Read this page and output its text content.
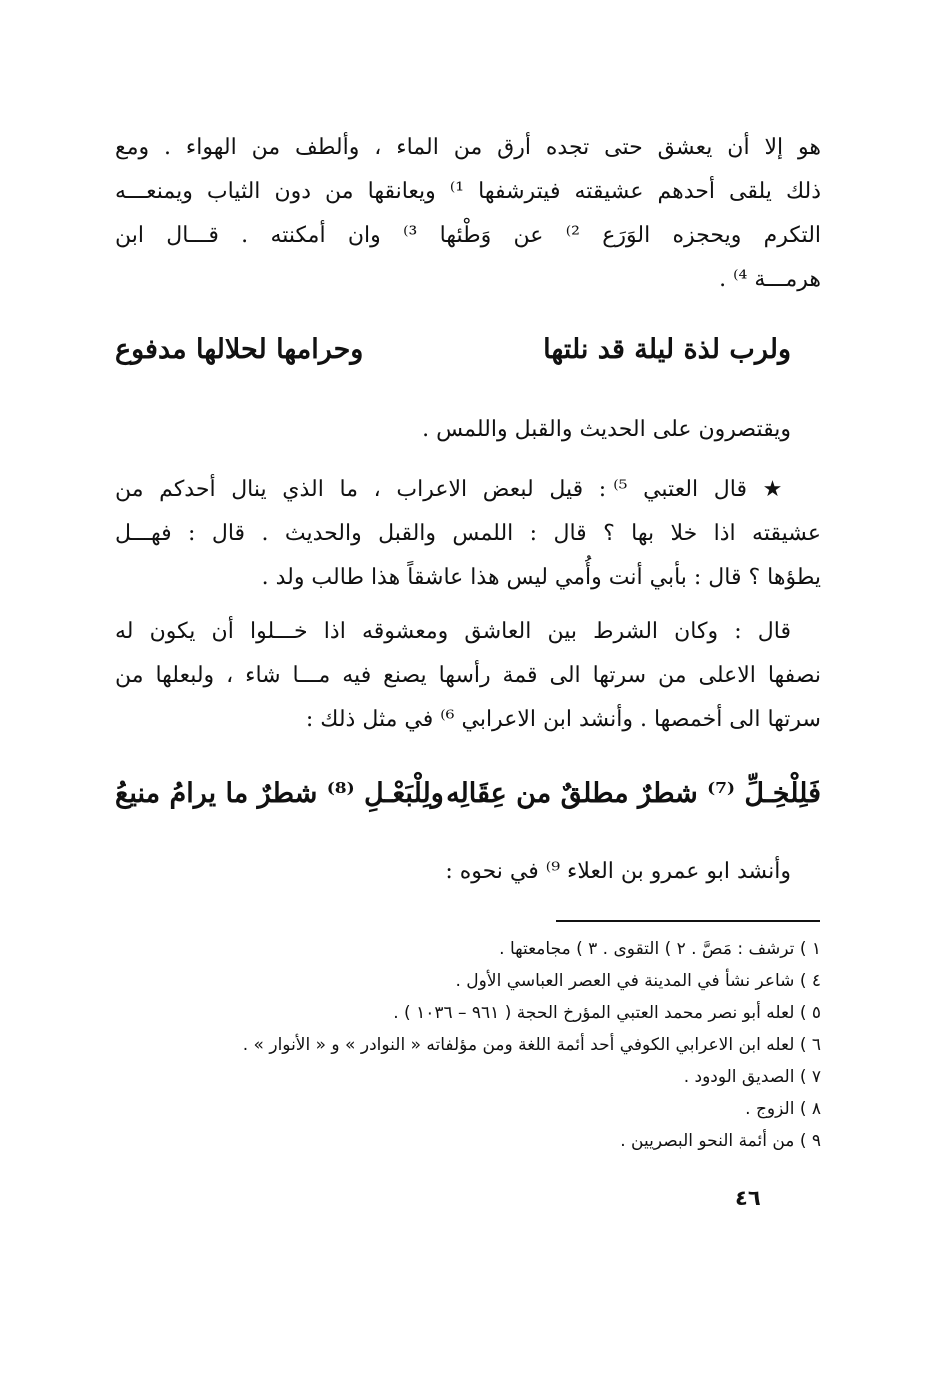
هو إلا أن يعشق حتى تجده أرق من الماء ، وألطف من الهواء . ومع
ذلك يلقى أحدهم عشيقته فيترشفها ¹⁾ ويعانقها من دون الثياب ويمنعـــه
التكرم ويحجزه الوَرَع ²⁾ عن وَطْئها ³⁾ وان أمكنته . قـــال ابن
هرمـــة ⁴⁾ .
ولرب لذة ليلة قد نلتها
وحرامها لحلالها مدفوع
ويقتصرون على الحديث والقبل واللمس .
★ قال العتبي ⁵⁾ : قيل لبعض الاعراب ، ما الذي ينال أحدكم من
عشيقته اذا خلا بها ؟ قال : اللمس والقبل والحديث . قال : فهـــل
يطؤها ؟ قال : بأبي أنت وأُمي ليس هذا عاشقاً هذا طالب ولد .
قال : وكان الشرط بين العاشق ومعشوقه اذا خـــلوا أن يكون له
نصفها الاعلى من سرتها الى قمة رأسها يصنع فيه مـــا شاء ، ولبعلها من
سرتها الى أخمصها . وأنشد ابن الاعرابي ⁶⁾ في مثل ذلك :
فَلِلْخِـلِّ ⁽⁷⁾ شطرٌ مطلقٌ من عِقَالِه
ولِلْبَعْـلِ ⁽⁸⁾ شطرٌ ما يرامُ منيعُ
وأنشد ابو عمرو بن العلاء ⁹⁾ في نحوه :
١ ) ترشف : مَصَّ . ٢ ) التقوى . ٣ ) مجامعتها .
٤ ) شاعر نشأ في المدينة في العصر العباسي الأول .
٥ ) لعله أبو نصر محمد العتبي المؤرخ الحجة ( ٩٦١ – ١٠٣٦ ) .
٦ ) لعله ابن الاعرابي الكوفي أحد أئمة اللغة ومن مؤلفاته « النوادر » و « الأنوار » .
٧ ) الصديق الودود .
٨ ) الزوج .
٩ ) من أئمة النحو البصريين .
٤٦
